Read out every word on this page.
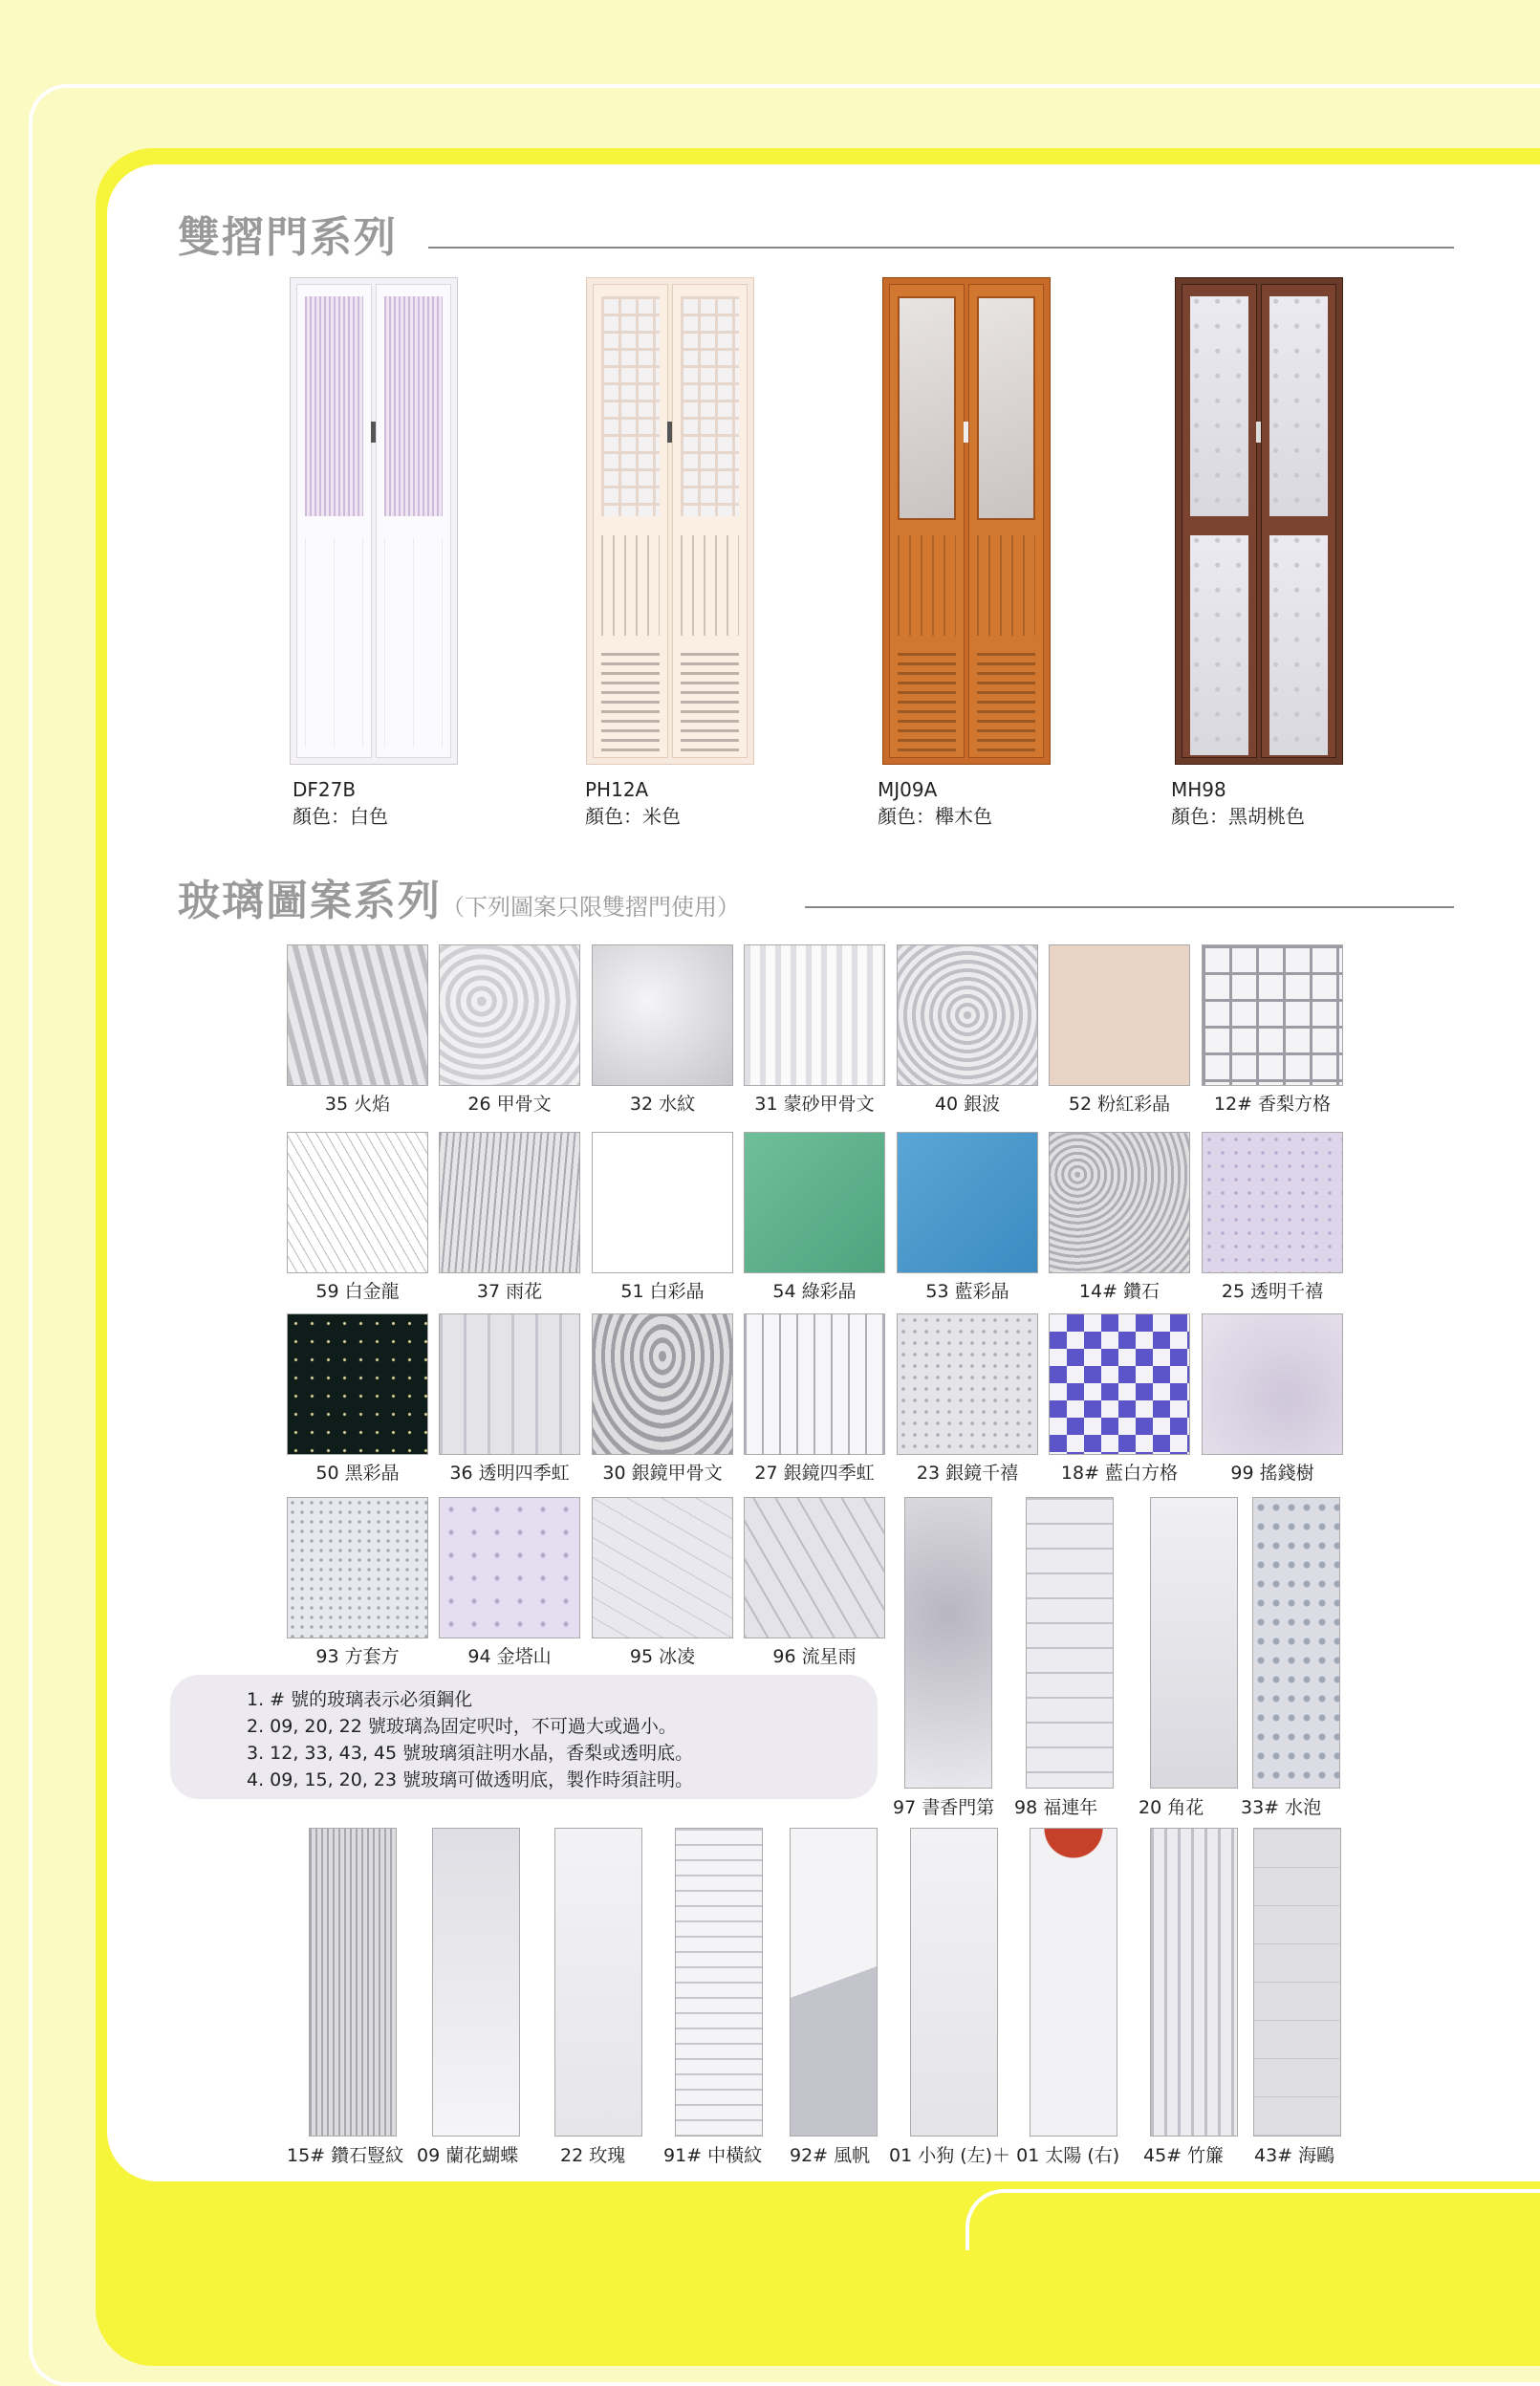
雙摺門系列
DF27B
顏色：白色
PH12A
顏色：米色
MJ09A
顏色：櫸木色
MH98
顏色：黑胡桃色
玻璃圖案系列（下列圖案只限雙摺門使用）
1. # 號的玻璃表示必須鋼化
2. 09, 20, 22 號玻璃為固定呎吋，不可過大或過小。
3. 12, 33, 43, 45 號玻璃須註明水晶，香梨或透明底。
4. 09, 15, 20, 23 號玻璃可做透明底，製作時須註明。
35 火焰	26 甲骨文	32 水紋	31 蒙砂甲骨文	40 銀波	52 粉紅彩晶	12# 香梨方格
59 白金龍	37 雨花	51 白彩晶	54 綠彩晶	53 藍彩晶	14# 鑽石	25 透明千禧
50 黑彩晶	36 透明四季虹	30 銀鏡甲骨文	27 銀鏡四季虹	23 銀鏡千禧	18# 藍白方格	99 搖錢樹
93 方套方	94 金塔山	95 冰凌	96 流星雨
97 書香門第 98 福連年 20 角花 33# 水泡
15# 鑽石豎紋 09 蘭花蝴蝶 22 玫瑰 91# 中橫紋 92# 風帆 01 小狗 (左)＋ 01 太陽 (右) 45# 竹簾 43# 海鷗
